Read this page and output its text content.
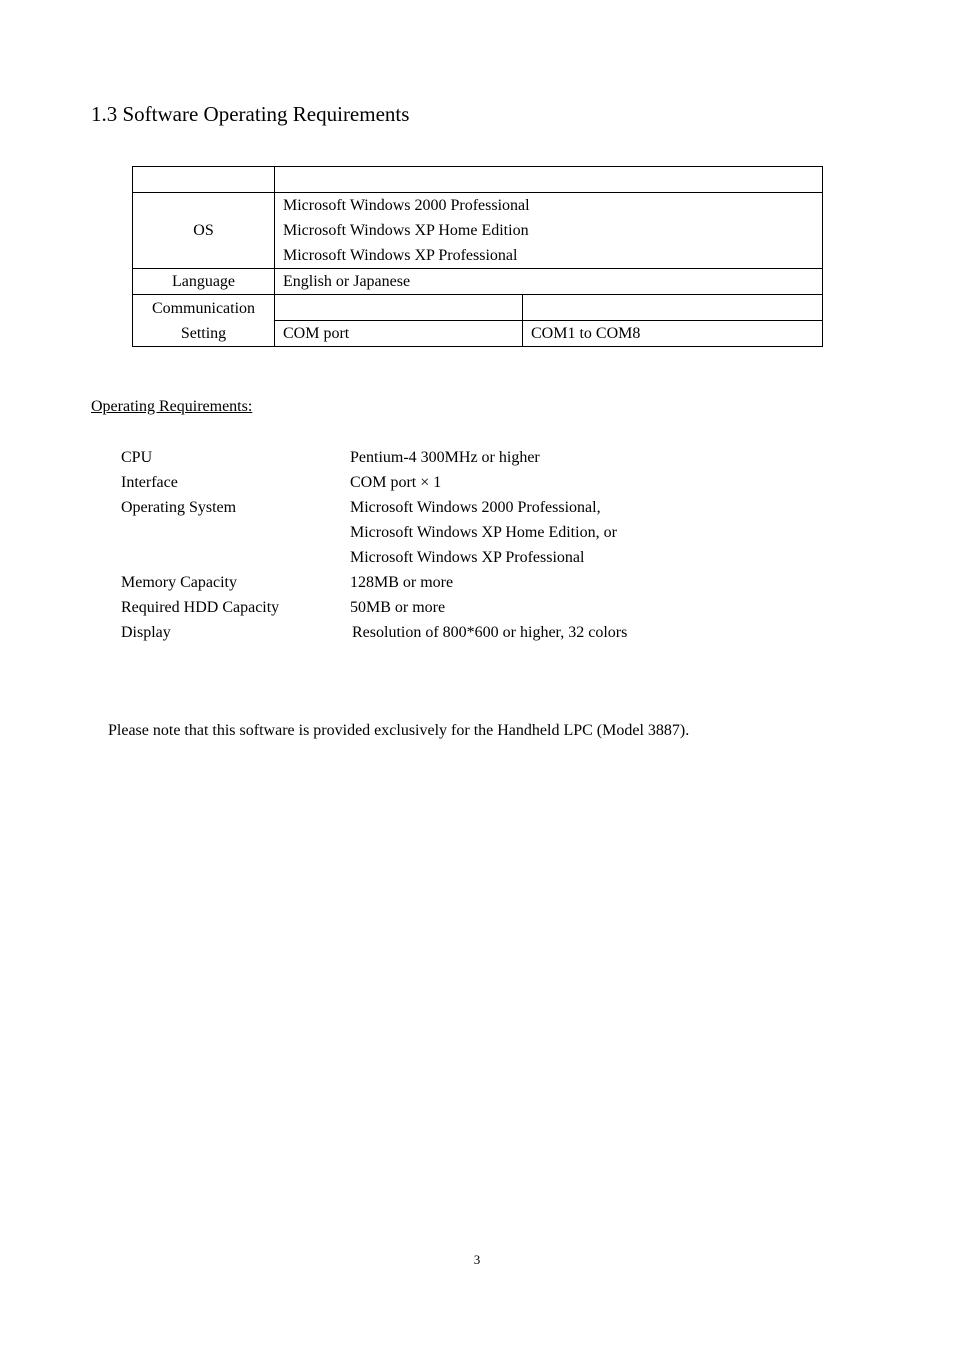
1.3 Software Operating Requirements

OS	Microsoft Windows 2000 Professional
Microsoft Windows XP Home Edition
Microsoft Windows XP Professional	

Language	English or Japanese	

Communication
Setting		

	COM port	COM1 to COM8

Operating Requirements:

CPU	Pentium-4 300MHz or higher
Interface	COM port × 1
Operating System	Microsoft Windows 2000 Professional,
Microsoft Windows XP Home Edition, or
Microsoft Windows XP Professional
Memory Capacity	128MB or more
Required HDD Capacity	50MB or more
Display	Resolution of 800*600 or higher, 32 colors

Please note that this software is provided exclusively for the Handheld LPC (Model 3887).

3
